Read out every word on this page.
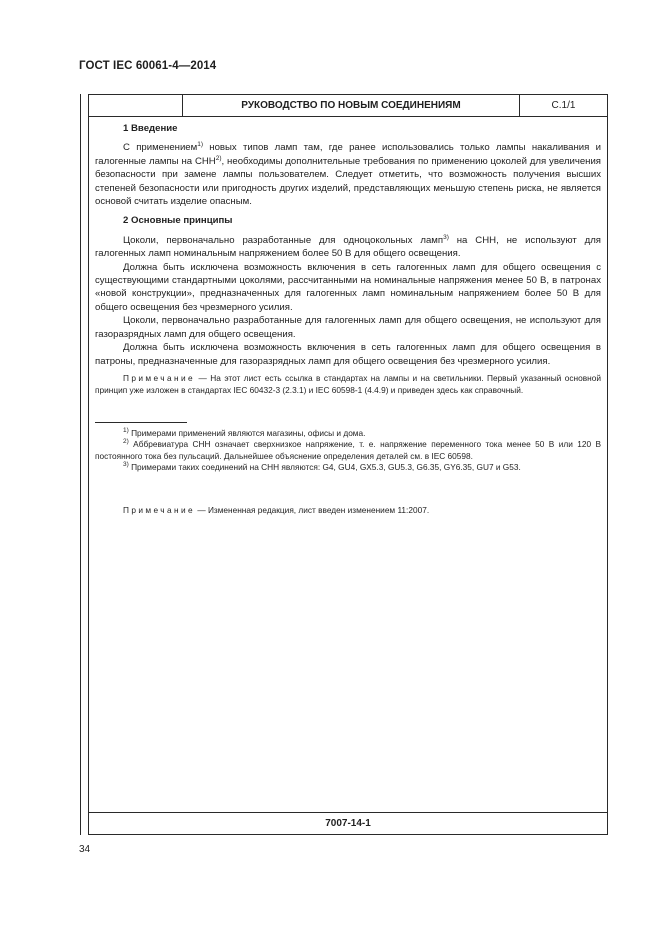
ГОСТ IEC 60061-4—2014
РУКОВОДСТВО ПО НОВЫМ СОЕДИНЕНИЯМ	С.1/1

1 Введение

С применением$^{1)}$ новых типов ламп там, где ранее использовались только лампы накаливания и галогенные лампы на СНН$^{2)}$, необходимы дополнительные требования по применению цоколей для увеличения безопасности при замене лампы пользователем. Следует отметить, что возможность получения высших степеней безопасности или пригодность других изделий, представляющих меньшую степень риска, не является основой считать изделие опасным.

2 Основные принципы

Цоколи, первоначально разработанные для одноцокольных ламп$^{3)}$ на СНН, не используют для галогенных ламп номинальным напряжением более 50 В для общего освещения.

Должна быть исключена возможность включения в сеть галогенных ламп для общего освещения с существующими стандартными цоколями, рассчитанными на номинальные напряжения менее 50 В, в патронах «новой конструкции», предназначенных для галогенных ламп номинальным напряжением более 50 В для общего освещения без чрезмерного усилия.

Цоколи, первоначально разработанные для галогенных ламп для общего освещения, не используют для газоразрядных ламп для общего освещения.

Должна быть исключена возможность включения в сеть галогенных ламп для общего освещения в патроны, предназначенные для газоразрядных ламп для общего освещения без чрезмерного усилия.

Примечание — На этот лист есть ссылка в стандартах на лампы и на светильники. Первый указанный основной принцип уже изложен в стандартах IEC 60432-3 (2.3.1) и IEC 60598-1 (4.4.9) и приведен здесь как справочный.

$^{1)}$ Примерами применений являются магазины, офисы и дома.

$^{2)}$ Аббревиатура СНН означает сверхнизкое напряжение, т. е. напряжение переменного тока менее 50 В или 120 В постоянного тока без пульсаций. Дальнейшее объяснение определения деталей см. в IEC 60598.

$^{3)}$ Примерами таких соединений на СНН являются: G4, GU4, GX5.3, GU5.3, G6.35, GY6.35, GU7 и G53.

Примечание — Измененная редакция, лист введен изменением 11:2007.

7007-14-1
34
